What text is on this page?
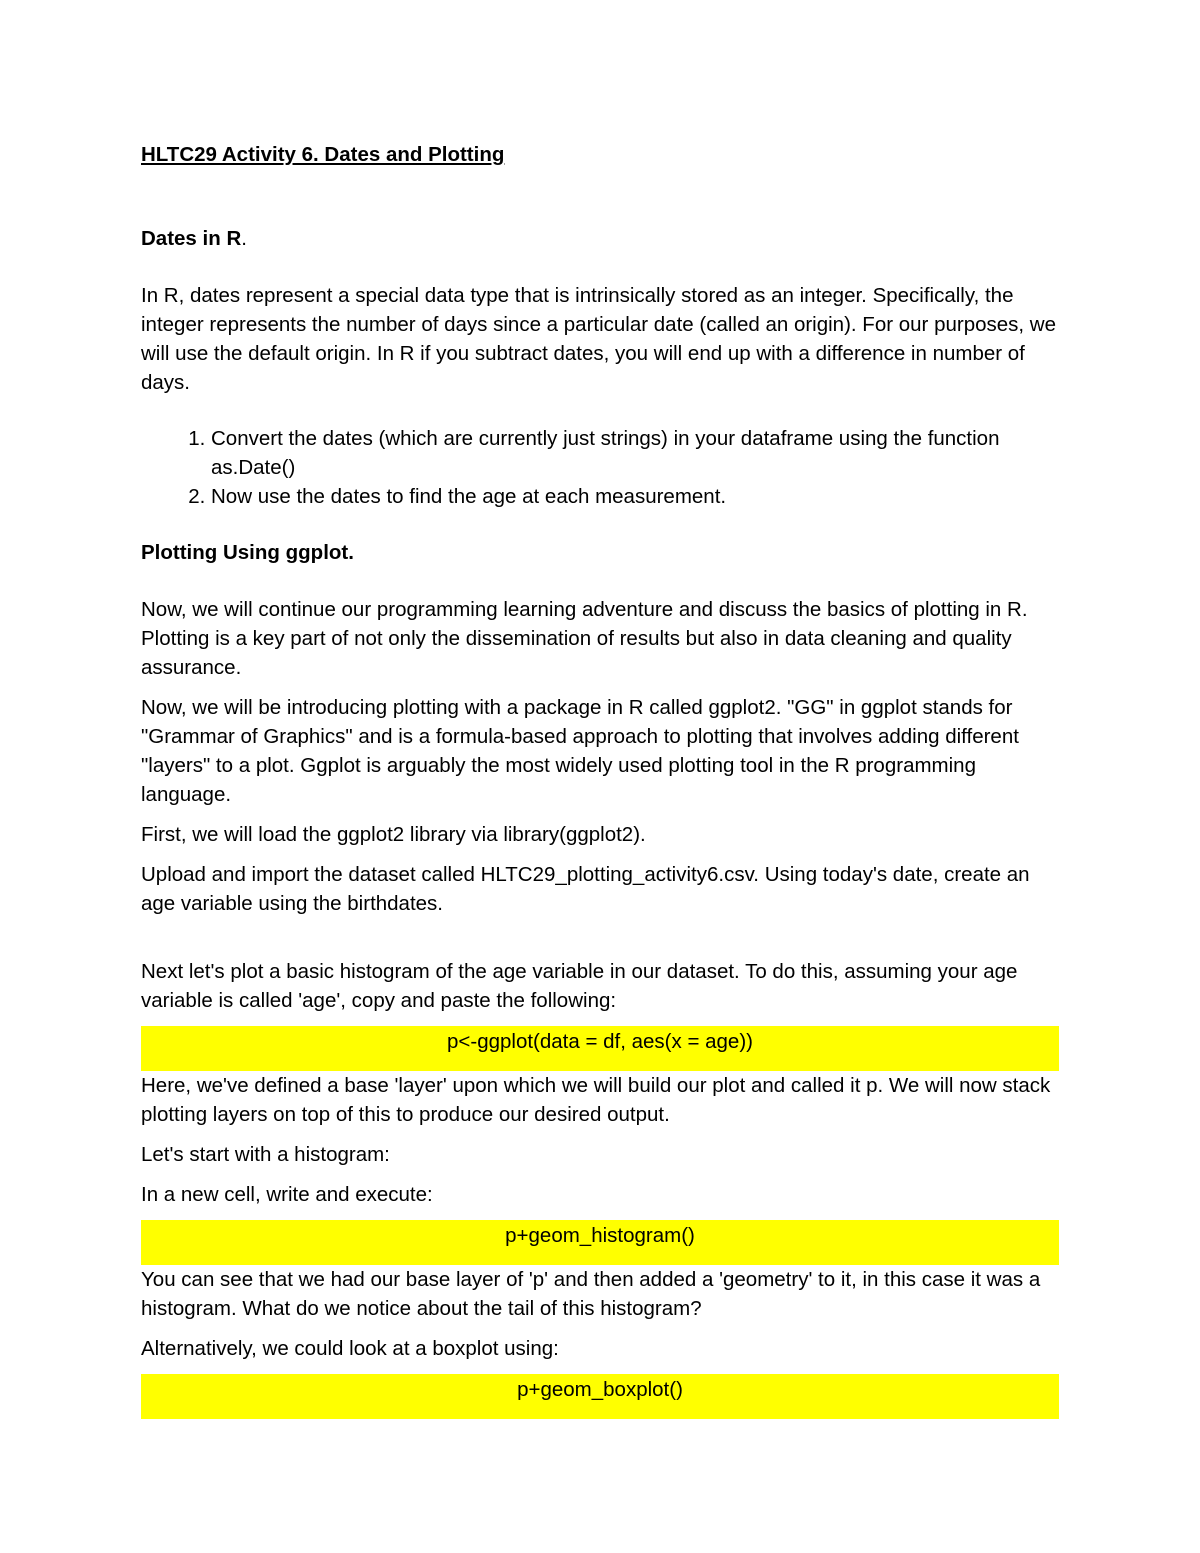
HLTC29 Activity 6. Dates and Plotting

Dates in R.

In R, dates represent a special data type that is intrinsically stored as an integer. Specifically, the integer represents the number of days since a particular date (called an origin). For our purposes, we will use the default origin. In R if you subtract dates, you will end up with a difference in number of days.

1. Convert the dates (which are currently just strings) in your dataframe using the function as.Date()
2. Now use the dates to find the age at each measurement.

Plotting Using ggplot.

Now, we will continue our programming learning adventure and discuss the basics of plotting in R. Plotting is a key part of not only the dissemination of results but also in data cleaning and quality assurance.

Now, we will be introducing plotting with a package in R called ggplot2. "GG" in ggplot stands for "Grammar of Graphics" and is a formula-based approach to plotting that involves adding different "layers" to a plot. Ggplot is arguably the most widely used plotting tool in the R programming language.

First, we will load the ggplot2 library via library(ggplot2).

Upload and import the dataset called HLTC29_plotting_activity6.csv. Using today's date, create an age variable using the birthdates.

Next let's plot a basic histogram of the age variable in our dataset. To do this, assuming your age variable is called 'age', copy and paste the following:

p<-ggplot(data = df, aes(x = age))

Here, we've defined a base 'layer' upon which we will build our plot and called it p. We will now stack plotting layers on top of this to produce our desired output.

Let's start with a histogram:

In a new cell, write and execute:

p+geom_histogram()

You can see that we had our base layer of 'p' and then added a 'geometry' to it, in this case it was a histogram. What do we notice about the tail of this histogram?

Alternatively, we could look at a boxplot using:

p+geom_boxplot()
